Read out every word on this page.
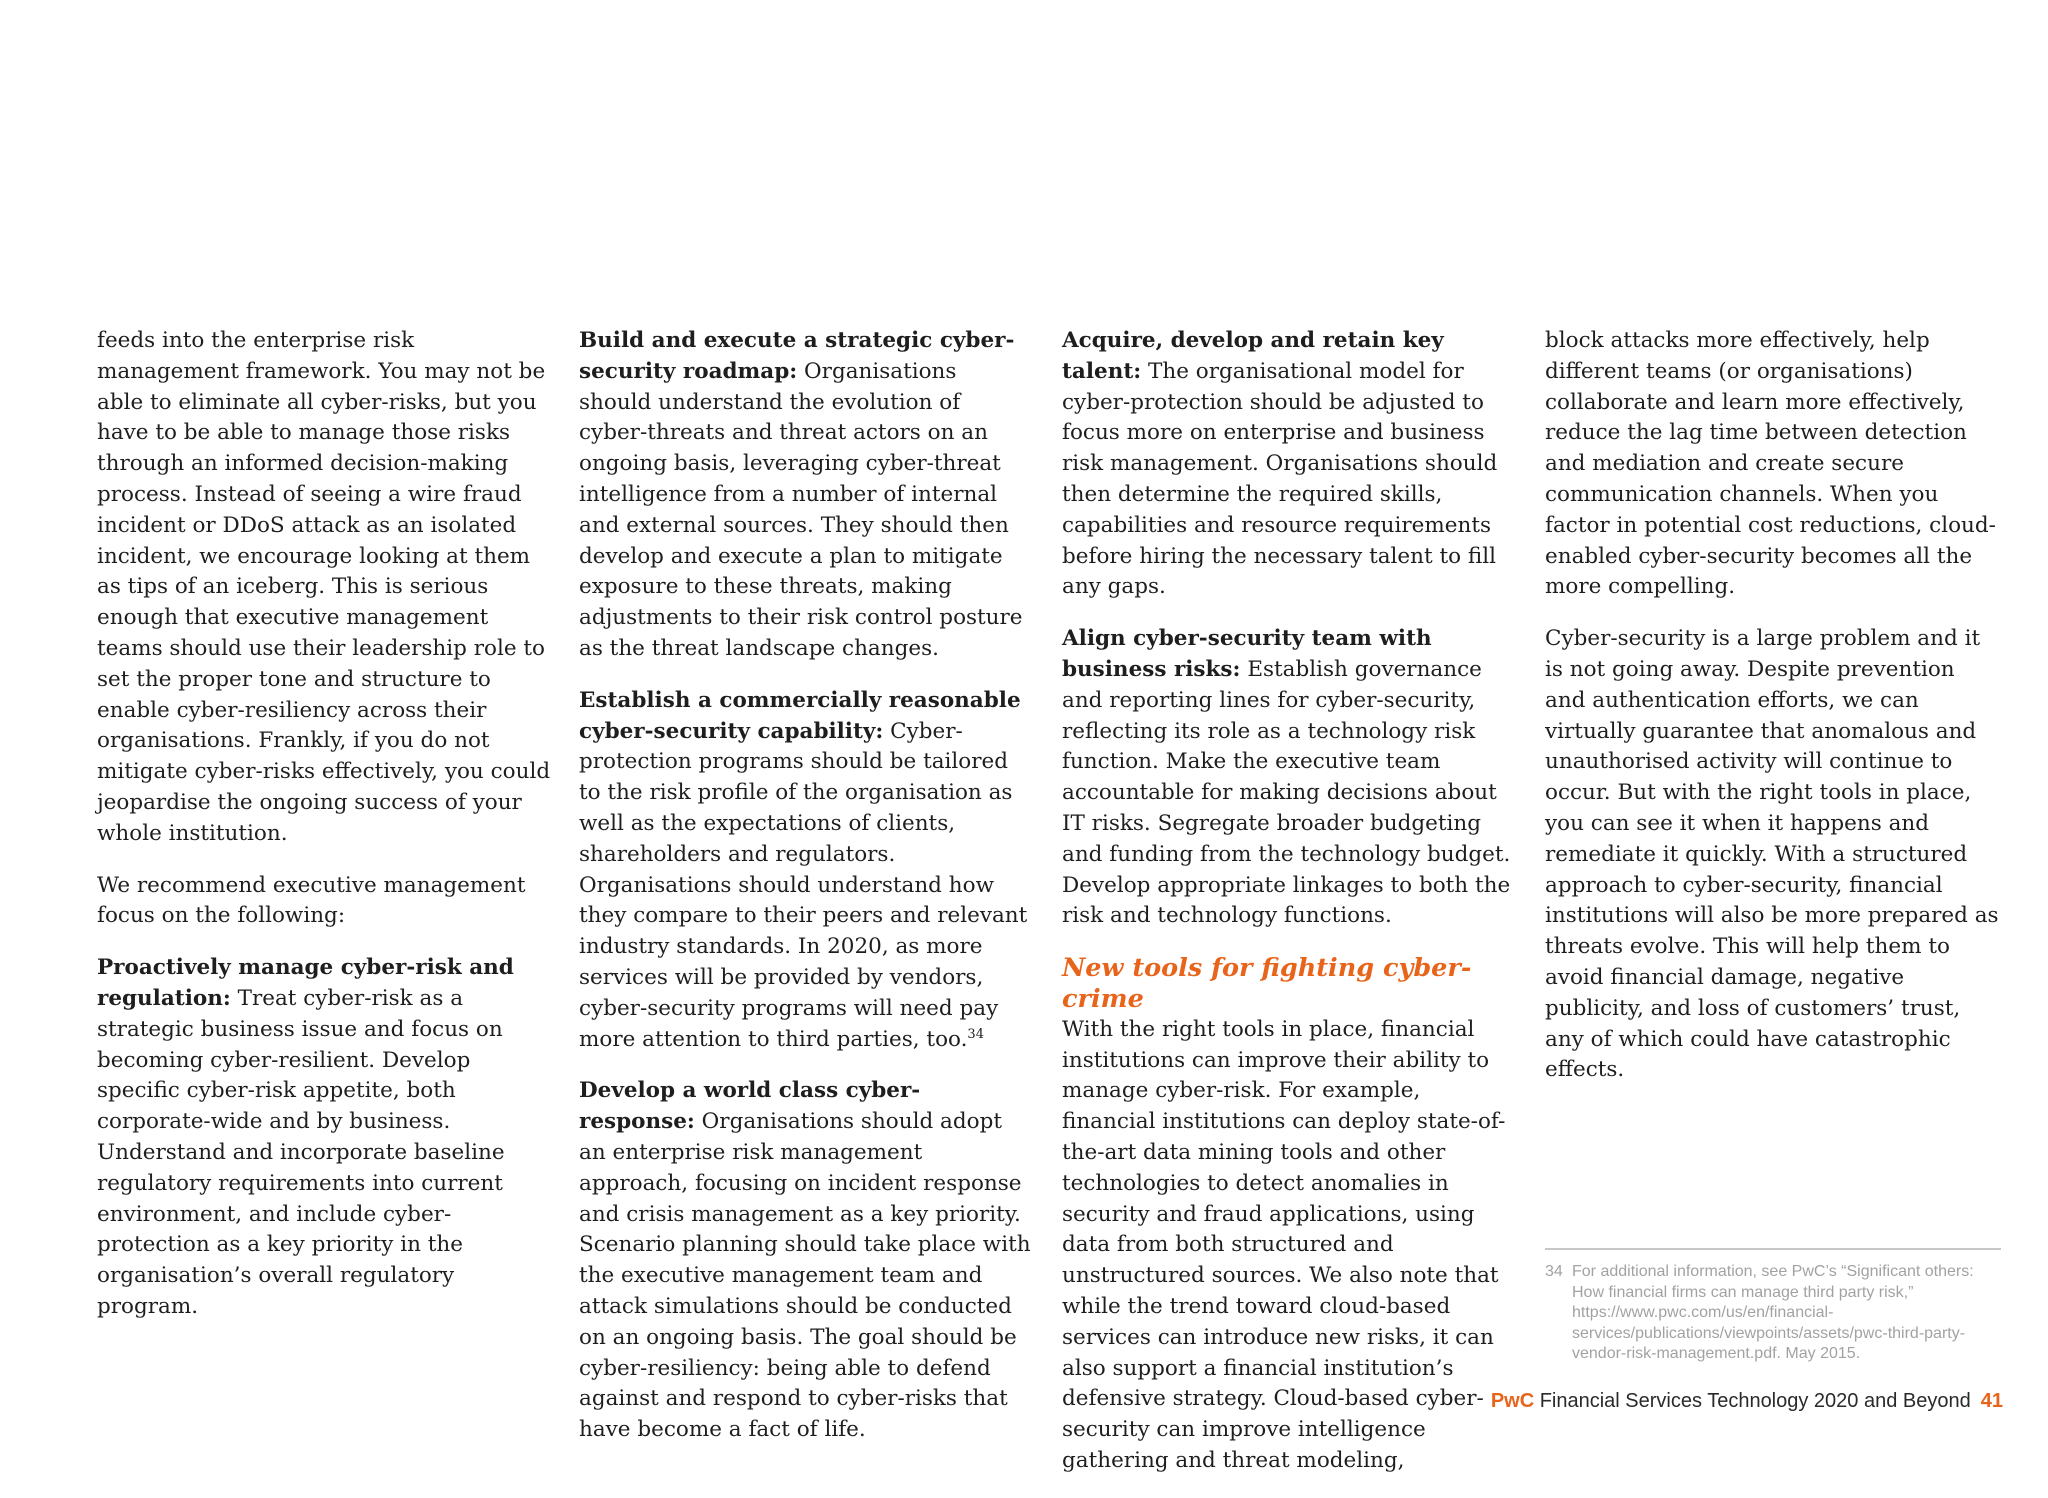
feeds into the enterprise risk management framework. You may not be able to eliminate all cyber-risks, but you have to be able to manage those risks through an informed decision-making process. Instead of seeing a wire fraud incident or DDoS attack as an isolated incident, we encourage looking at them as tips of an iceberg. This is serious enough that executive management teams should use their leadership role to set the proper tone and structure to enable cyber-resiliency across their organisations. Frankly, if you do not mitigate cyber-risks effectively, you could jeopardise the ongoing success of your whole institution.

We recommend executive management focus on the following:

Proactively manage cyber-risk and regulation: Treat cyber-risk as a strategic business issue and focus on becoming cyber-resilient. Develop specific cyber-risk appetite, both corporate-wide and by business. Understand and incorporate baseline regulatory requirements into current environment, and include cyber-protection as a key priority in the organisation’s overall regulatory program.

Build and execute a strategic cyber-security roadmap: Organisations should understand the evolution of cyber-threats and threat actors on an ongoing basis, leveraging cyber-threat intelligence from a number of internal and external sources. They should then develop and execute a plan to mitigate exposure to these threats, making adjustments to their risk control posture as the threat landscape changes.

Establish a commercially reasonable cyber-security capability: Cyber-protection programs should be tailored to the risk profile of the organisation as well as the expectations of clients, shareholders and regulators. Organisations should understand how they compare to their peers and relevant industry standards. In 2020, as more services will be provided by vendors, cyber-security programs will need pay more attention to third parties, too.$^{34}$

Develop a world class cyber-response: Organisations should adopt an enterprise risk management approach, focusing on incident response and crisis management as a key priority. Scenario planning should take place with the executive management team and attack simulations should be conducted on an ongoing basis. The goal should be cyber-resiliency: being able to defend against and respond to cyber-risks that have become a fact of life.

Acquire, develop and retain key talent: The organisational model for cyber-protection should be adjusted to focus more on enterprise and business risk management. Organisations should then determine the required skills, capabilities and resource requirements before hiring the necessary talent to fill any gaps.

Align cyber-security team with business risks: Establish governance and reporting lines for cyber-security, reflecting its role as a technology risk function. Make the executive team accountable for making decisions about IT risks. Segregate broader budgeting and funding from the technology budget. Develop appropriate linkages to both the risk and technology functions.

New tools for fighting cyber-crime

With the right tools in place, financial institutions can improve their ability to manage cyber-risk. For example, financial institutions can deploy state-of-the-art data mining tools and other technologies to detect anomalies in security and fraud applications, using data from both structured and unstructured sources. We also note that while the trend toward cloud-based services can introduce new risks, it can also support a financial institution’s defensive strategy. Cloud-based cyber-security can improve intelligence gathering and threat modeling,

block attacks more effectively, help different teams (or organisations) collaborate and learn more effectively, reduce the lag time between detection and mediation and create secure communication channels. When you factor in potential cost reductions, cloud-enabled cyber-security becomes all the more compelling.

Cyber-security is a large problem and it is not going away. Despite prevention and authentication efforts, we can virtually guarantee that anomalous and unauthorised activity will continue to occur. But with the right tools in place, you can see it when it happens and remediate it quickly. With a structured approach to cyber-security, financial institutions will also be more prepared as threats evolve. This will help them to avoid financial damage, negative publicity, and loss of customers’ trust, any of which could have catastrophic effects.

34 For additional information, see PwC’s “Significant others: How financial firms can manage third party risk,” https://www.pwc.com/us/en/financial-services/publications/viewpoints/assets/pwc-third-party-vendor-risk-management.pdf. May 2015.
PwC Financial Services Technology 2020 and Beyond 41
